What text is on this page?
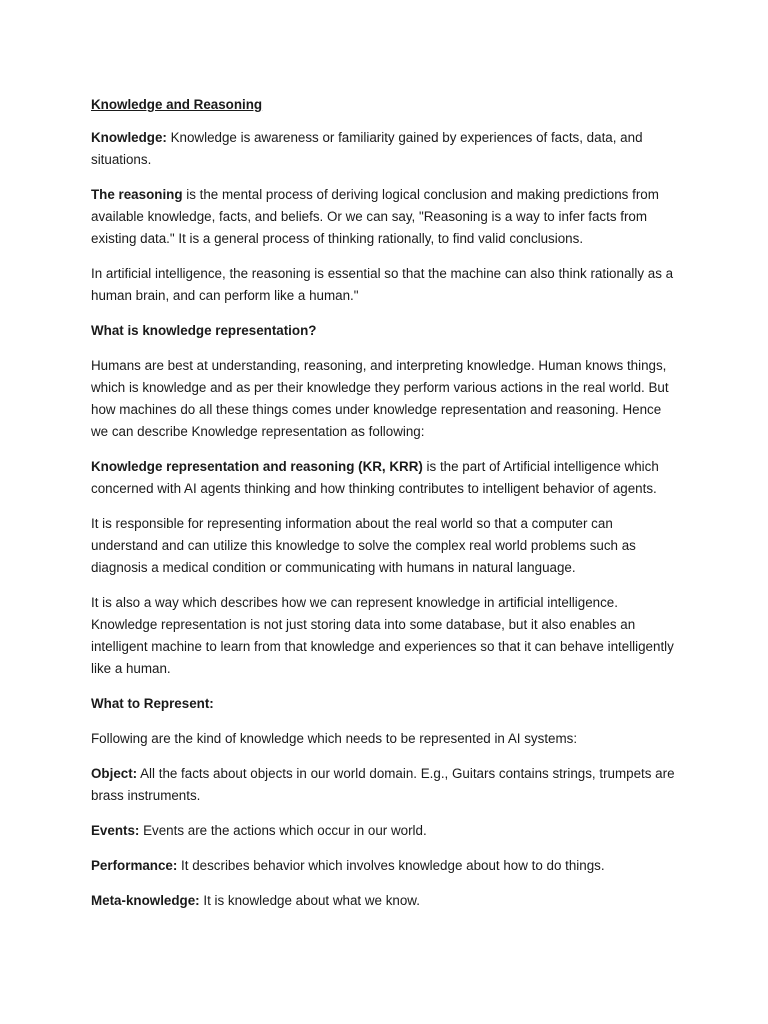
Knowledge and Reasoning

Knowledge: Knowledge is awareness or familiarity gained by experiences of facts, data, and situations.

The reasoning is the mental process of deriving logical conclusion and making predictions from available knowledge, facts, and beliefs. Or we can say, "Reasoning is a way to infer facts from existing data." It is a general process of thinking rationally, to find valid conclusions.

In artificial intelligence, the reasoning is essential so that the machine can also think rationally as a human brain, and can perform like a human."

What is knowledge representation?

Humans are best at understanding, reasoning, and interpreting knowledge. Human knows things, which is knowledge and as per their knowledge they perform various actions in the real world. But how machines do all these things comes under knowledge representation and reasoning. Hence we can describe Knowledge representation as following:

Knowledge representation and reasoning (KR, KRR) is the part of Artificial intelligence which concerned with AI agents thinking and how thinking contributes to intelligent behavior of agents.

It is responsible for representing information about the real world so that a computer can understand and can utilize this knowledge to solve the complex real world problems such as diagnosis a medical condition or communicating with humans in natural language.

It is also a way which describes how we can represent knowledge in artificial intelligence. Knowledge representation is not just storing data into some database, but it also enables an intelligent machine to learn from that knowledge and experiences so that it can behave intelligently like a human.

What to Represent:

Following are the kind of knowledge which needs to be represented in AI systems:

Object: All the facts about objects in our world domain. E.g., Guitars contains strings, trumpets are brass instruments.

Events: Events are the actions which occur in our world.

Performance: It describes behavior which involves knowledge about how to do things.

Meta-knowledge: It is knowledge about what we know.
